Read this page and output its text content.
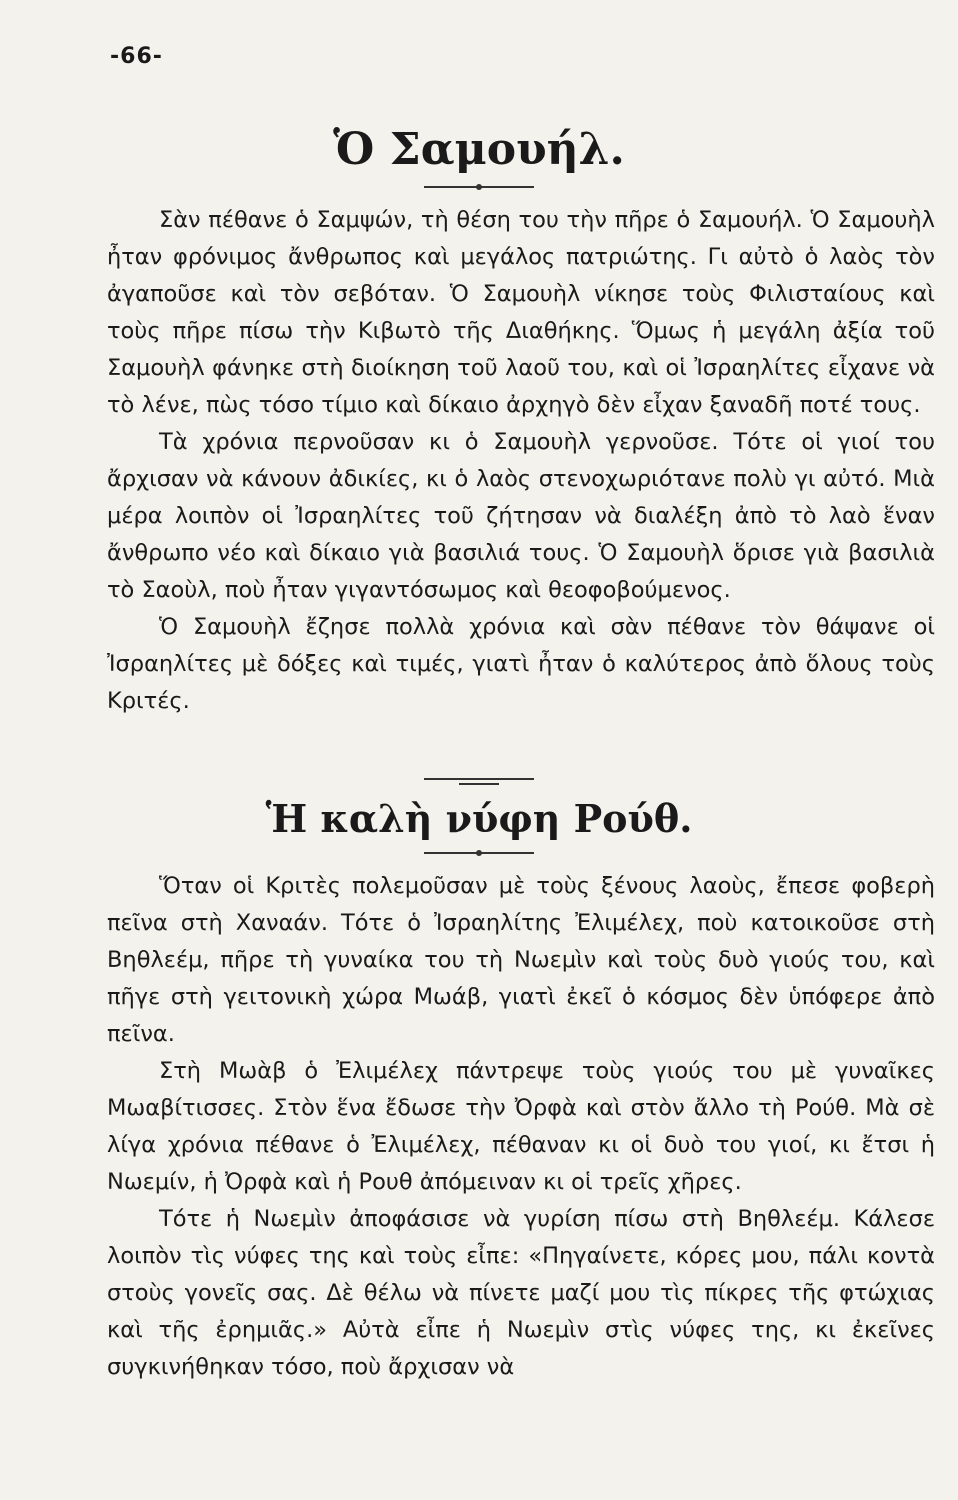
-66-
Ὁ Σαμουήλ.

Σὰν πέθανε ὁ Σαμψών, τὴ θέση του τὴν πῆρε ὁ Σαμουήλ. Ὁ Σαμουὴλ ἦταν φρόνιμος ἄνθρωπος καὶ μεγάλος πατριώτης. Γι αὐτὸ ὁ λαὸς τὸν ἀγαποῦσε καὶ τὸν σεβόταν. Ὁ Σαμουὴλ νίκησε τοὺς Φιλισταίους καὶ τοὺς πῆρε πίσω τὴν Κιβωτὸ τῆς Διαθήκης. Ὅμως ἡ μεγάλη ἀξία τοῦ Σαμουὴλ φάνηκε στὴ διοίκηση τοῦ λαοῦ του, καὶ οἱ Ἰσραηλίτες εἶχανε νὰ τὸ λένε, πὼς τόσο τίμιο καὶ δίκαιο ἀρχηγὸ δὲν εἶχαν ξαναδῆ ποτέ τους.

Τὰ χρόνια περνοῦσαν κι ὁ Σαμουὴλ γερνοῦσε. Τότε οἱ γιοί του ἄρχισαν νὰ κάνουν ἀδικίες, κι ὁ λαὸς στενοχωριότανε πολὺ γι αὐτό. Μιὰ μέρα λοιπὸν οἱ Ἰσραηλίτες τοῦ ζήτησαν νὰ διαλέξη ἀπὸ τὸ λαὸ ἕναν ἄνθρωπο νέο καὶ δίκαιο γιὰ βασιλιά τους. Ὁ Σαμουὴλ ὅρισε γιὰ βασιλιὰ τὸ Σαοὺλ, ποὺ ἦταν γιγαντόσωμος καὶ θεοφοβούμενος.

Ὁ Σαμουὴλ ἔζησε πολλὰ χρόνια καὶ σὰν πέθανε τὸν θάψανε οἱ Ἰσραηλίτες μὲ δόξες καὶ τιμές, γιατὶ ἦταν ὁ καλύτερος ἀπὸ ὅλους τοὺς Κριτές.

Ἡ καλὴ νύφη Ρούθ.

Ὅταν οἱ Κριτὲς πολεμοῦσαν μὲ τοὺς ξένους λαοὺς, ἔπεσε φοβερὴ πεῖνα στὴ Χαναάν. Τότε ὁ Ἰσραηλίτης Ἐλιμέλεχ, ποὺ κατοικοῦσε στὴ Βηθλεέμ, πῆρε τὴ γυναίκα του τὴ Νωεμὶν καὶ τοὺς δυὸ γιούς του, καὶ πῆγε στὴ γειτονικὴ χώρα Μωάβ, γιατὶ ἐκεῖ ὁ κόσμος δὲν ὑπόφερε ἀπὸ πεῖνα.

Στὴ Μωὰβ ὁ Ἐλιμέλεχ πάντρεψε τοὺς γιούς του μὲ γυναῖκες Μωαβίτισσες. Στὸν ἕνα ἔδωσε τὴν Ὀρφὰ καὶ στὸν ἄλλο τὴ Ρούθ. Μὰ σὲ λίγα χρόνια πέθανε ὁ Ἐλιμέλεχ, πέθαναν κι οἱ δυὸ του γιοί, κι ἔτσι ἡ Νωεμίν, ἡ Ὀρφὰ καὶ ἡ Ρουθ ἀπόμειναν κι οἱ τρεῖς χῆρες.

Τότε ἡ Νωεμὶν ἀποφάσισε νὰ γυρίση πίσω στὴ Βηθλεέμ. Κάλεσε λοιπὸν τὶς νύφες της καὶ τοὺς εἶπε: «Πηγαίνετε, κόρες μου, πάλι κοντὰ στοὺς γονεῖς σας. Δὲ θέλω νὰ πίνετε μαζί μου τὶς πίκρες τῆς φτώχιας καὶ τῆς ἐρημιᾶς.» Αὐτὰ εἶπε ἡ Νωεμὶν στὶς νύφες της, κι ἐκεῖνες συγκινήθηκαν τόσο, ποὺ ἄρχισαν νὰ
